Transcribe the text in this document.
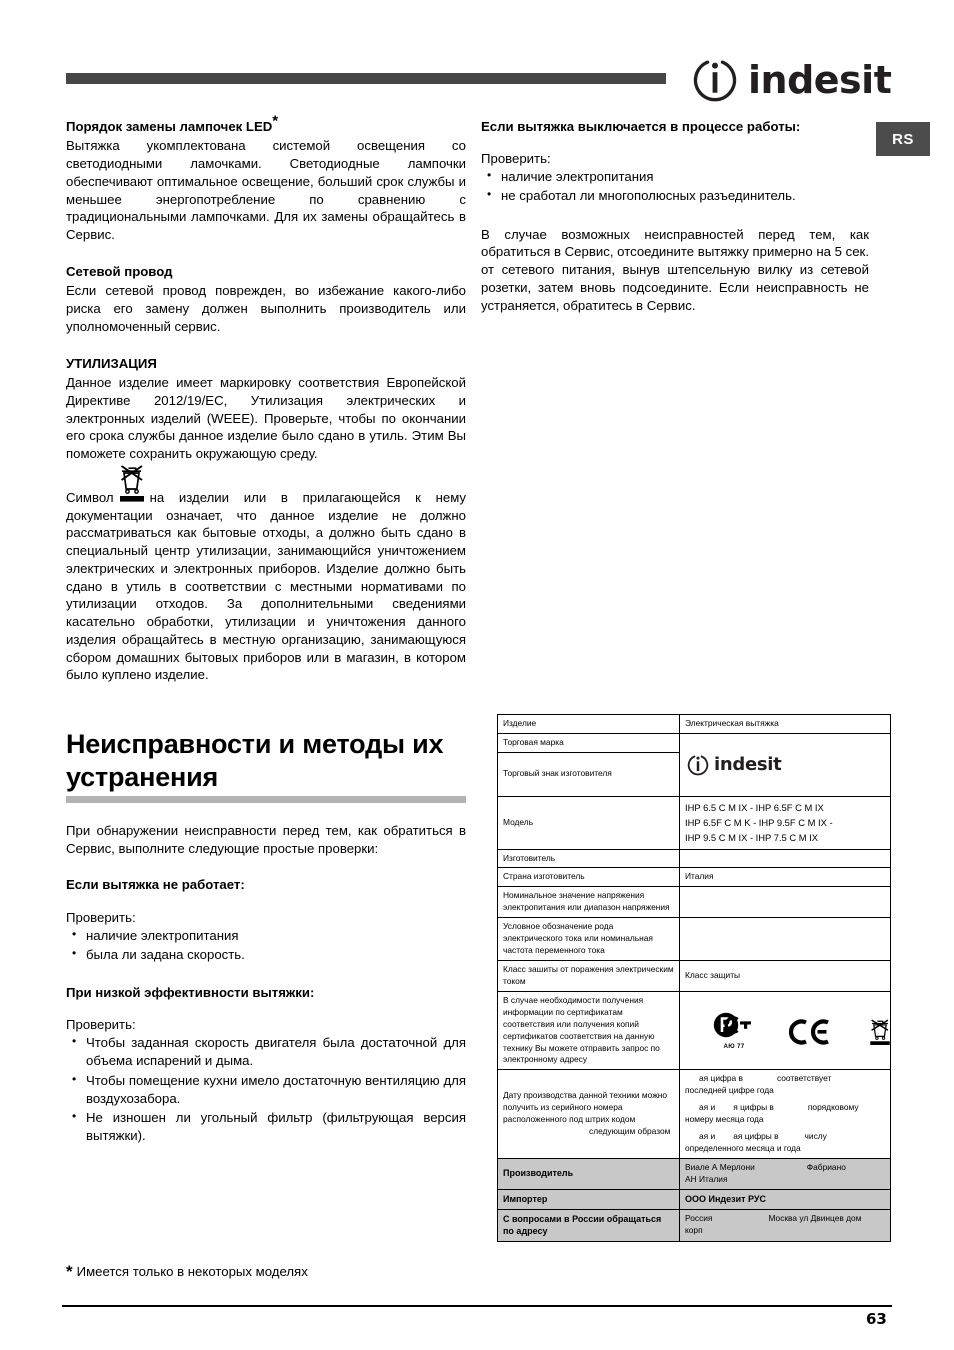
indesit
RS
Порядок замены лампочек LED*

Вытяжка укомплектована системой освещения со светодиодными ламочками. Светодиодные лампочки обеспечивают оптимальное освещение, больший срок службы и меньшее энергопотребление по сравнению с традициональными лампочками. Для их замены обращайтесь в Сервис.

Сетевой провод

Если сетевой провод поврежден, во избежание какого-либо риска его замену должен выполнить производитель или уполномоченный сервис.

УТИЛИЗАЦИЯ

Данное изделие имеет маркировку соответствия Европейской Директиве 2012/19/EC, Утилизация электрических и электронных изделий (WEEE). Проверьте, чтобы по окончании его срока службы данное изделие было сдано в утиль. Этим Вы поможете сохранить окружающую среду.

Символ	на изделии или в прилагающейся к нему документации означает, что данное изделие не должно рассматриваться как бытовые отходы, а должно быть сдано в специальный центр утилизации, занимающийся уничтожением электрических и электронных приборов. Изделие должно быть сдано в утиль в соответствии с местными нормативами по утилизации отходов. За дополнительными сведениями касательно обработки, утилизации и уничтожения данного изделия обращайтесь в местную организацию, занимающуюся сбором домашних бытовых приборов или в магазин, в котором было куплено изделие.

Неисправности и методы их устранения

При обнаружении неисправности перед тем, как обратиться в Сервис, выполните следующие простые проверки:

Если вытяжка не работает:

Проверить:

• наличие электропитания
• была ли задана скорость.
При низкой эффективности вытяжки:

Проверить:

• Чтобы заданная скорость двигателя была достаточной для объема испарений и дыма.
• Чтобы помещение кухни имело достаточную вентиляцию для воздухозабора.
• Не изношен ли угольный фильтр (фильтрующая версия вытяжки).
Если вытяжка выключается в процессе работы:

Проверить:

• наличие электропитания
• не сработал ли многополюсных разъединитель.

В случае возможных неисправностей перед тем, как обратиться в Сервис, отсоедините вытяжку примерно на 5 сек. от сетевого питания, вынув штепсельную вилку из сетевой розетки, затем вновь подсоедините. Если неисправность не устраняется, обратитесь в Сервис.

Изделие	Электрическая вытяжка
Торговая марка	indesit

Торговый знак изготовителя	
Модель	IHP 6.5 C M IX - IHP 6.5F C M IX
IHP 6.5F C M K - IHP 9.5F C M IX -
IHP 9.5 C M IX - IHP 7.5 C M IX

Изготовитель	
Страна изготовитель	Италия
Номинальное значение напряжения электропитания или диапазон напряжения	
Условное обозначение рода электрического тока или номинальная частота переменного тока	
Класс зашиты от поражения электрическим током	Класс защиты
В случае необходимости получения информации по сертификатам соответствия или получения копий сертификатов соответствия на данную технику Вы можете отправить запрос по электронному адресу	АЮ 77

Дату производства данной техники можно получить из серийного номера расположенного под штрих кодом следующим образом	

ая цифра в	соответствует
последней цифре года

ая и я цифры в	порядковому
номеру месяца года

ая и ая цифры в	числу
определенного месяца и года

Производитель	Виале А Мерлони Фабриано
АН Италия
Импортер	ООО Индезит РУС
С вопросами в России обращаться по адресу	Россия Москва ул Двинцев дом
корп
* Имеется только в некоторых моделях
63
